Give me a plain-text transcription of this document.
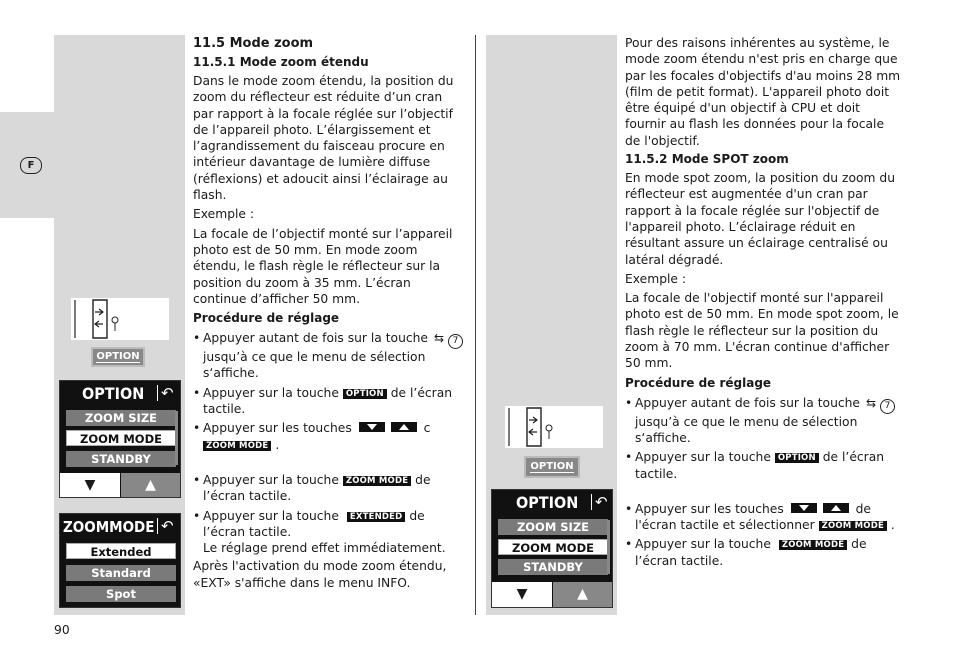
F
90
OPTION
OPTION ↶
ZOOM SIZE
ZOOM MODE
STANDBY
▼	▲
ZOOMMODE ↶
Extended
Standard
Spot
OPTION
OPTION ↶
ZOOM SIZE
ZOOM MODE
STANDBY
▼	▲

11.5 Mode zoom

11.5.1 Mode zoom étendu

Dans le mode zoom étendu, la position du zoom du réflecteur est réduite d’un cran par rapport à la focale réglée sur l’objectif de l’appareil photo. L’élargissement et l’agrandissement du faisceau procure en intérieur davantage de lumière diffuse (réflexions) et adoucit ainsi l’éclairage au flash.

Exemple :

La focale de l’objectif monté sur l’appareil photo est de 50 mm. En mode zoom étendu, le flash règle le réflecteur sur la position du zoom à 35 mm. L’écran continue d’afficher 50 mm.

Procédure de réglage

• Appuyer autant de fois sur la touche ⇆ 7 jusqu’à ce que le menu de sélection s‘affiche.
• Appuyer sur la touche OPTION de l’écran tactile.
• Appuyer sur les touches	c
ZOOM MODE .
• Appuyer sur la touche ZOOM MODE de l’écran tactile.
• Appuyer sur la touche EXTENDED de l’écran tactile.
Le réglage prend effet immédiatement.

Après l'activation du mode zoom étendu, «EXT» s'affiche dans le menu INFO.

Pour des raisons inhérentes au système, le mode zoom étendu n'est pris en charge que par les focales d'objectifs d'au moins 28 mm (film de petit format). L'appareil photo doit être équipé d'un objectif à CPU et doit fournir au flash les données pour la focale de l'objectif.

11.5.2 Mode SPOT zoom

En mode spot zoom, la position du zoom du réflecteur est augmentée d'un cran par rapport à la focale réglée sur l'objectif de l'appareil photo. L’éclairage réduit en résultant assure un éclairage centralisé ou latéral dégradé.

Exemple :

La focale de l'objectif monté sur l'appareil photo est de 50 mm. En mode spot zoom, le flash règle le réflecteur sur la position du zoom à 70 mm. L'écran continue d'afficher 50 mm.

Procédure de réglage

• Appuyer autant de fois sur la touche ⇆ 7 jusqu’à ce que le menu de sélection s‘affiche.
• Appuyer sur la touche OPTION de l’écran tactile.
• Appuyer sur les touches	de l'écran tactile et sélectionner ZOOM MODE .
• Appuyer sur la touche ZOOM MODE de l’écran tactile.
